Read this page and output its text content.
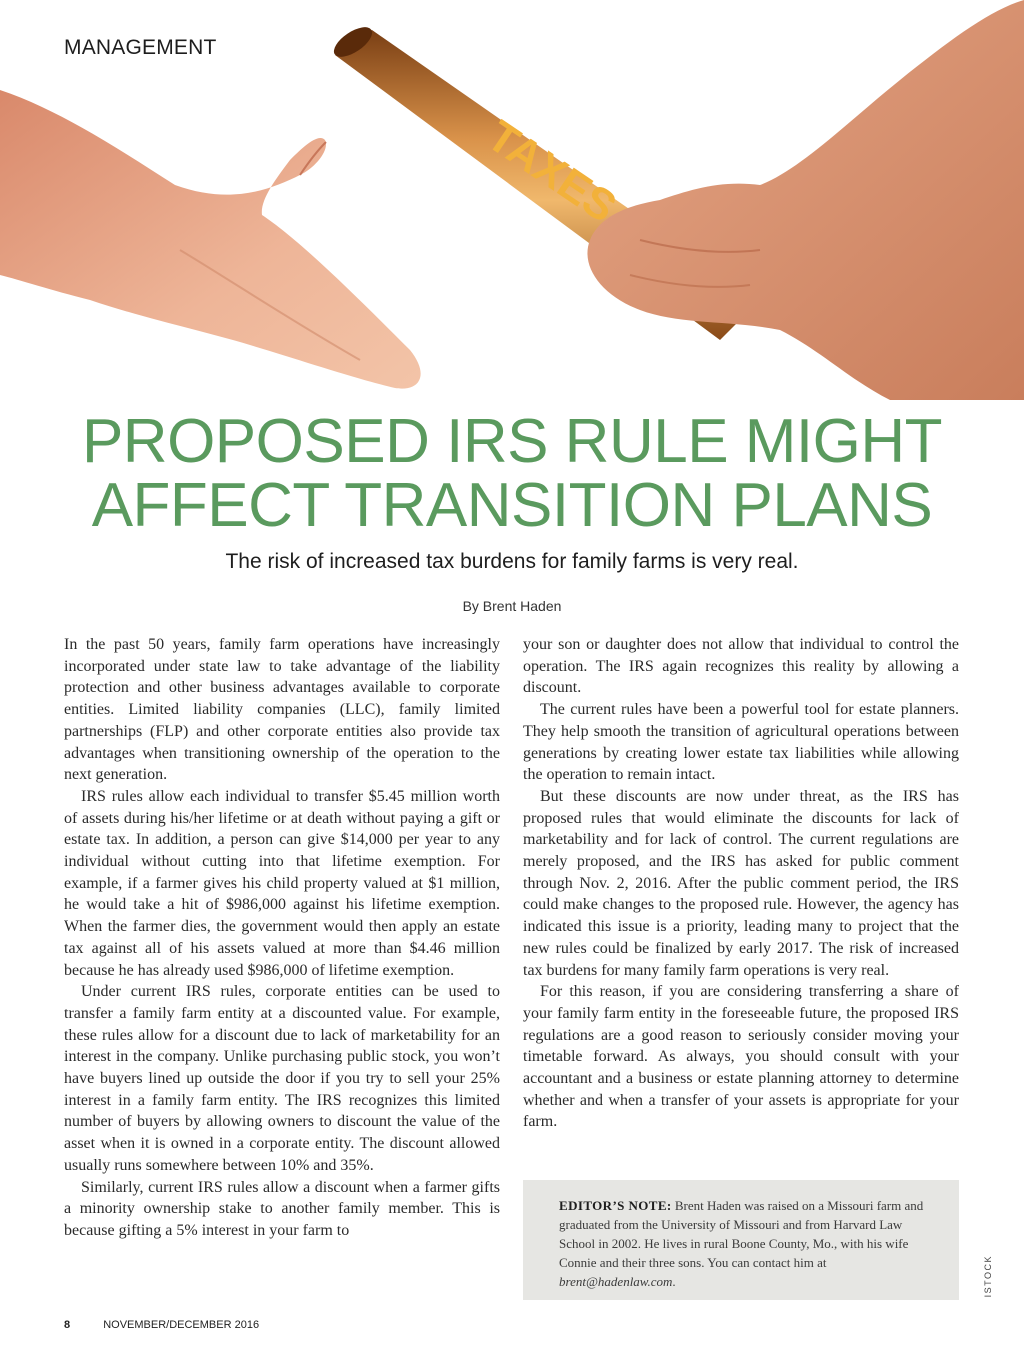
TAXES
MANAGEMENT
PROPOSED IRS RULE MIGHT
AFFECT TRANSITION PLANS
The risk of increased tax burdens for family farms is very real.
By Brent Haden

In the past 50 years, family farm operations have increasingly incorporated under state law to take advantage of the liability protection and other business advantages available to corporate entities. Limited liability companies (LLC), family limited partnerships (FLP) and other corporate entities also provide tax advantages when transitioning ownership of the operation to the next generation.

IRS rules allow each individual to transfer $5.45 million worth of assets during his/her lifetime or at death without paying a gift or estate tax. In addition, a person can give $14,000 per year to any individual without cutting into that lifetime exemption. For example, if a farmer gives his child property valued at $1 million, he would take a hit of $986,000 against his lifetime exemption. When the farmer dies, the government would then apply an estate tax against all of his assets valued at more than $4.46 million because he has already used $986,000 of lifetime exemption.

Under current IRS rules, corporate entities can be used to transfer a family farm entity at a discounted value. For example, these rules allow for a discount due to lack of marketability for an interest in the company. Unlike purchasing public stock, you won’t have buyers lined up outside the door if you try to sell your 25% interest in a family farm entity. The IRS recognizes this limited number of buyers by allowing owners to discount the value of the asset when it is owned in a corporate entity. The discount allowed usually runs somewhere between 10% and 35%.

Similarly, current IRS rules allow a discount when a farmer gifts a minority ownership stake to another family member. This is because gifting a 5% interest in your farm to

your son or daughter does not allow that individual to control the operation. The IRS again recognizes this reality by allowing a discount.

The current rules have been a powerful tool for estate planners. They help smooth the transition of agricultural operations between generations by creating lower estate tax liabilities while allowing the operation to remain intact.

But these discounts are now under threat, as the IRS has proposed rules that would eliminate the discounts for lack of marketability and for lack of control. The current regulations are merely proposed, and the IRS has asked for public comment through Nov. 2, 2016. After the public comment period, the IRS could make changes to the proposed rule. However, the agency has indicated this issue is a priority, leading many to project that the new rules could be finalized by early 2017. The risk of increased tax burdens for many family farm operations is very real.

For this reason, if you are considering transferring a share of your family farm entity in the foreseeable future, the proposed IRS regulations are a good reason to seriously consider moving your timetable forward. As always, you should consult with your accountant and a business or estate planning attorney to determine whether and when a transfer of your assets is appropriate for your farm.

EDITOR’S NOTE: Brent Haden was raised on a Missouri farm and graduated from the University of Missouri and from Harvard Law School in 2002. He lives in rural Boone County, Mo., with his wife Connie and their three sons. You can contact him at brent@hadenlaw.com.	ISTOCK
8	NOVEMBER/DECEMBER 2016
